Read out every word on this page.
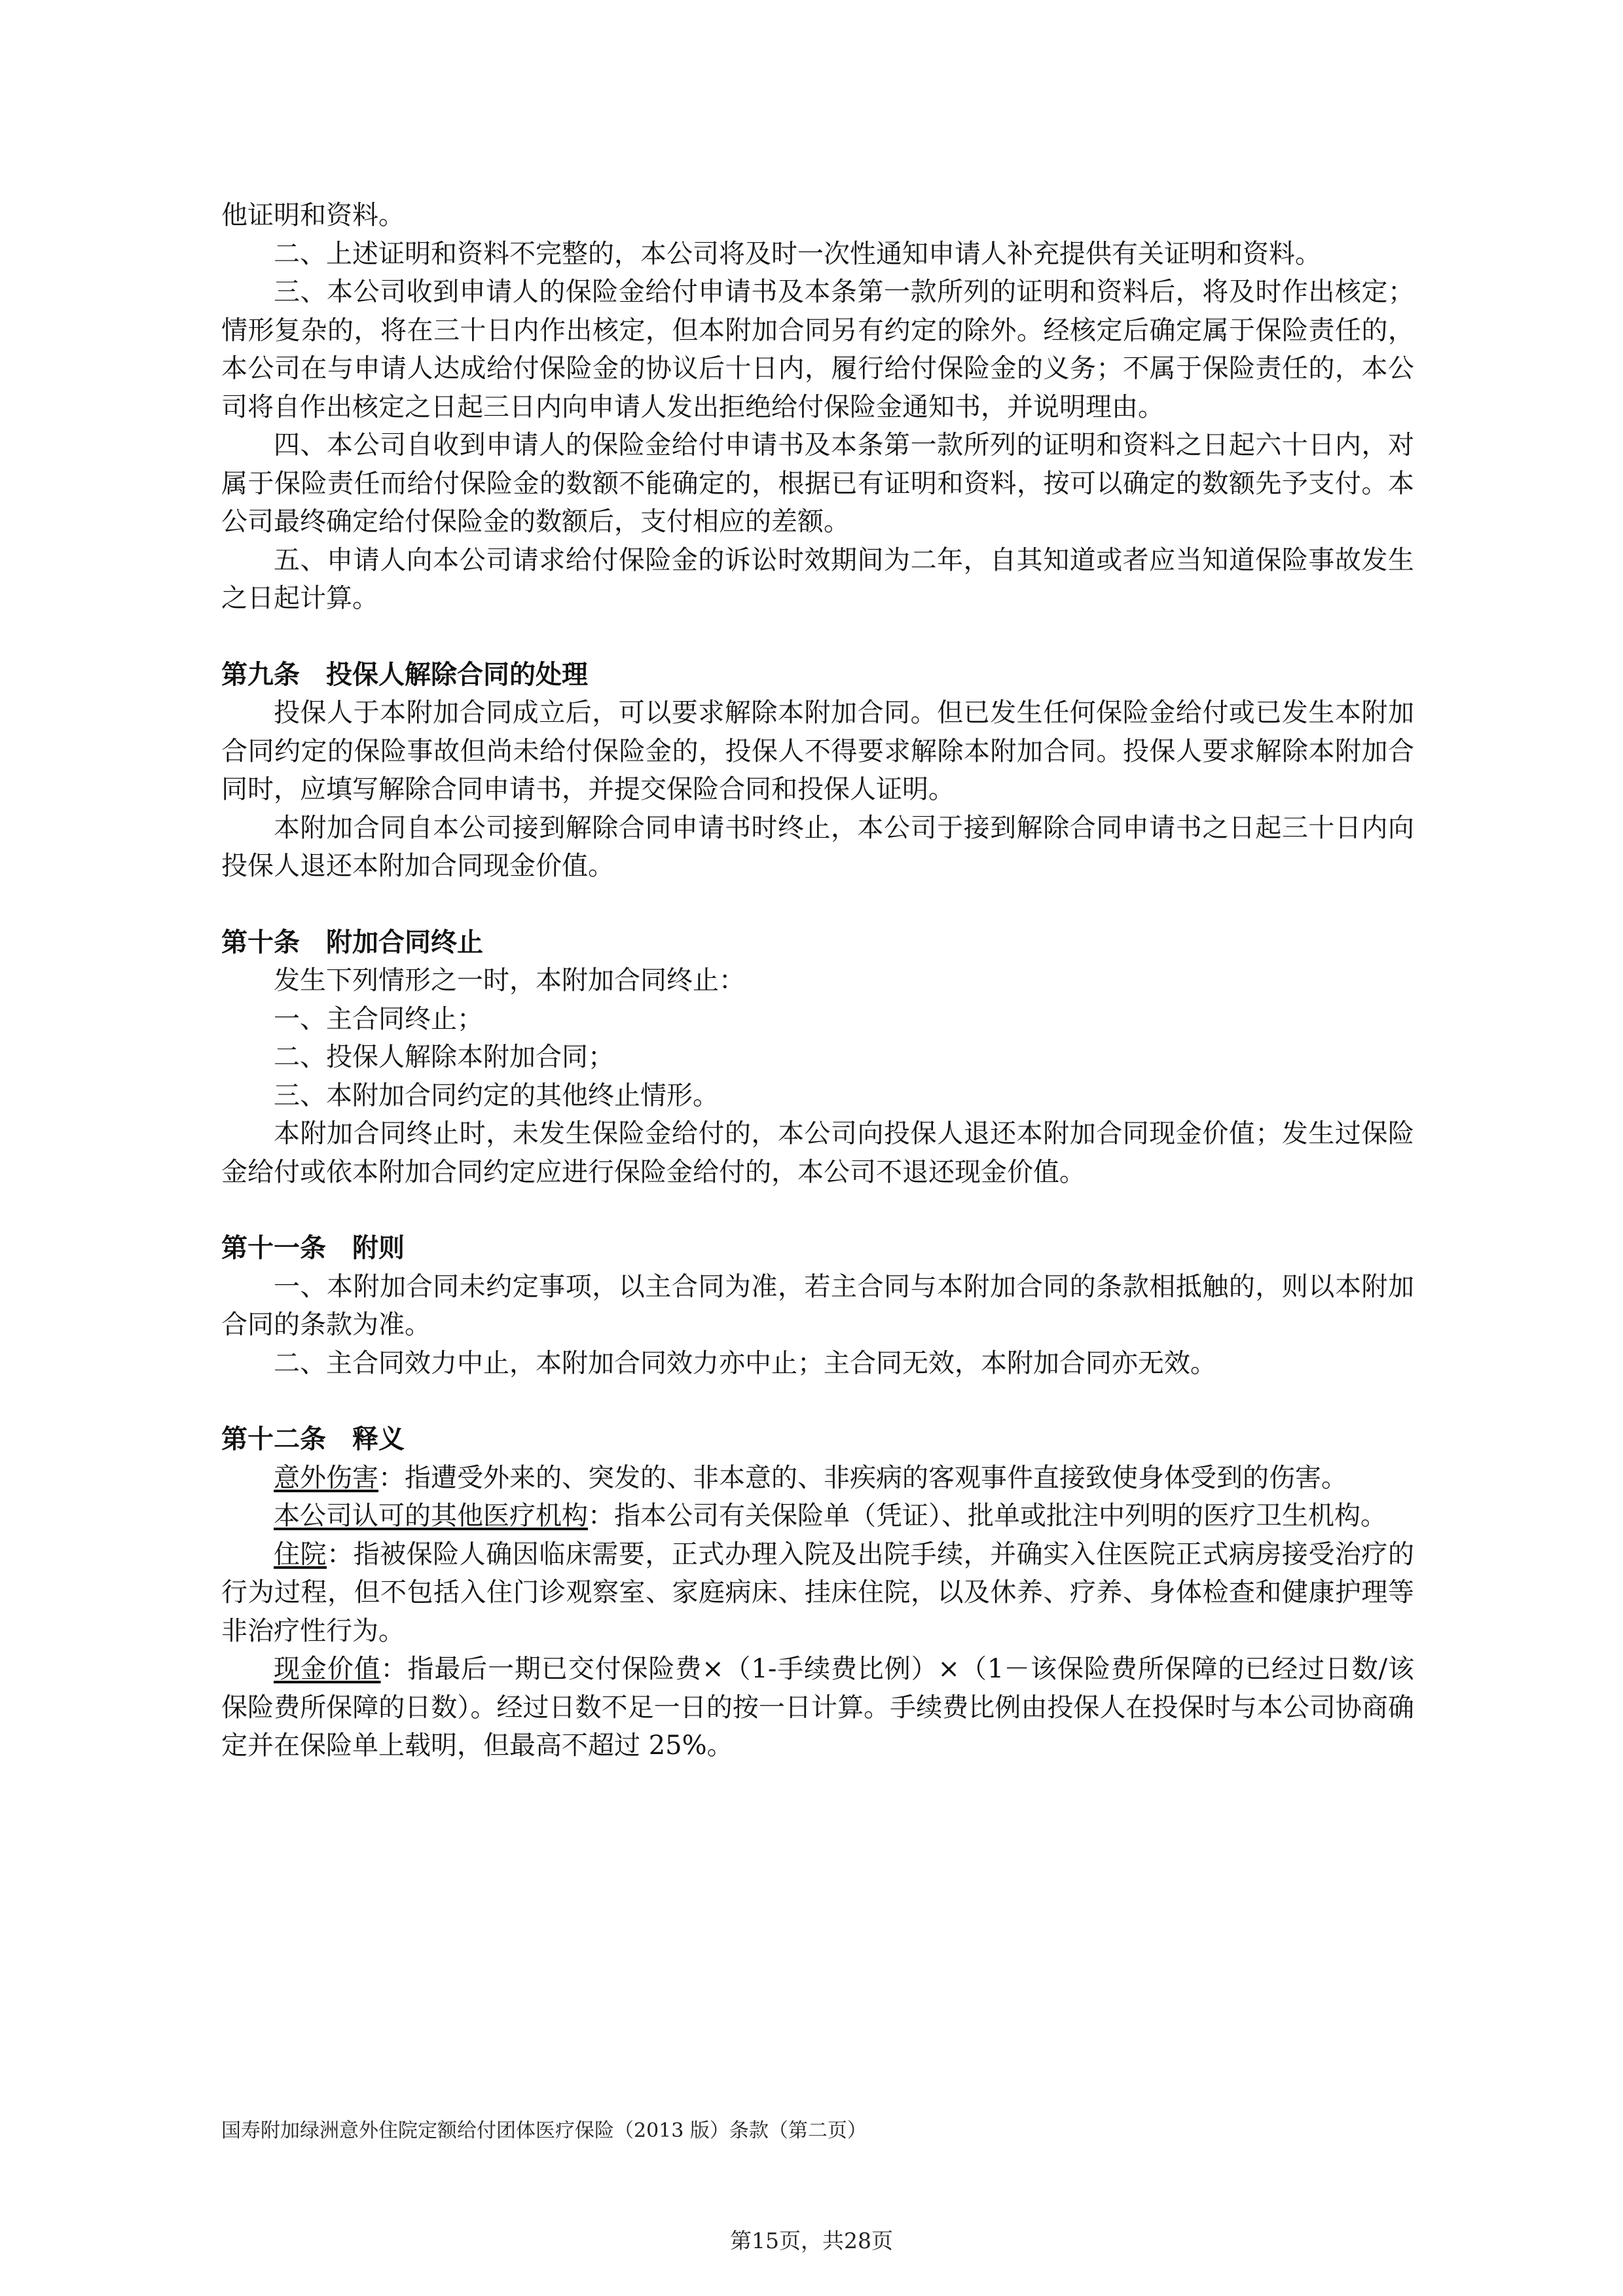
他证明和资料。

二、上述证明和资料不完整的，本公司将及时一次性通知申请人补充提供有关证明和资料。

三、本公司收到申请人的保险金给付申请书及本条第一款所列的证明和资料后，将及时作出核定；情形复杂的，将在三十日内作出核定，但本附加合同另有约定的除外。经核定后确定属于保险责任的，本公司在与申请人达成给付保险金的协议后十日内，履行给付保险金的义务；不属于保险责任的，本公司将自作出核定之日起三日内向申请人发出拒绝给付保险金通知书，并说明理由。

四、本公司自收到申请人的保险金给付申请书及本条第一款所列的证明和资料之日起六十日内，对属于保险责任而给付保险金的数额不能确定的，根据已有证明和资料，按可以确定的数额先予支付。本公司最终确定给付保险金的数额后，支付相应的差额。

五、申请人向本公司请求给付保险金的诉讼时效期间为二年，自其知道或者应当知道保险事故发生之日起计算。

第九条 投保人解除合同的处理

投保人于本附加合同成立后，可以要求解除本附加合同。但已发生任何保险金给付或已发生本附加合同约定的保险事故但尚未给付保险金的，投保人不得要求解除本附加合同。投保人要求解除本附加合同时，应填写解除合同申请书，并提交保险合同和投保人证明。

本附加合同自本公司接到解除合同申请书时终止，本公司于接到解除合同申请书之日起三十日内向投保人退还本附加合同现金价值。

第十条 附加合同终止

发生下列情形之一时，本附加合同终止：

一、主合同终止；

二、投保人解除本附加合同；

三、本附加合同约定的其他终止情形。

本附加合同终止时，未发生保险金给付的，本公司向投保人退还本附加合同现金价值；发生过保险金给付或依本附加合同约定应进行保险金给付的，本公司不退还现金价值。

第十一条 附则

一、本附加合同未约定事项，以主合同为准，若主合同与本附加合同的条款相抵触的，则以本附加合同的条款为准。

二、主合同效力中止，本附加合同效力亦中止；主合同无效，本附加合同亦无效。

第十二条 释义

意外伤害：指遭受外来的、突发的、非本意的、非疾病的客观事件直接致使身体受到的伤害。

本公司认可的其他医疗机构：指本公司有关保险单（凭证）、批单或批注中列明的医疗卫生机构。

住院：指被保险人确因临床需要，正式办理入院及出院手续，并确实入住医院正式病房接受治疗的行为过程，但不包括入住门诊观察室、家庭病床、挂床住院，以及休养、疗养、身体检查和健康护理等非治疗性行为。

现金价值：指最后一期已交付保险费×（1-手续费比例）×（1－该保险费所保障的已经过日数/该保险费所保障的日数）。经过日数不足一日的按一日计算。手续费比例由投保人在投保时与本公司协商确定并在保险单上载明，但最高不超过 25%。

国寿附加绿洲意外住院定额给付团体医疗保险（2013 版）条款（第二页）
第15页，共28页
